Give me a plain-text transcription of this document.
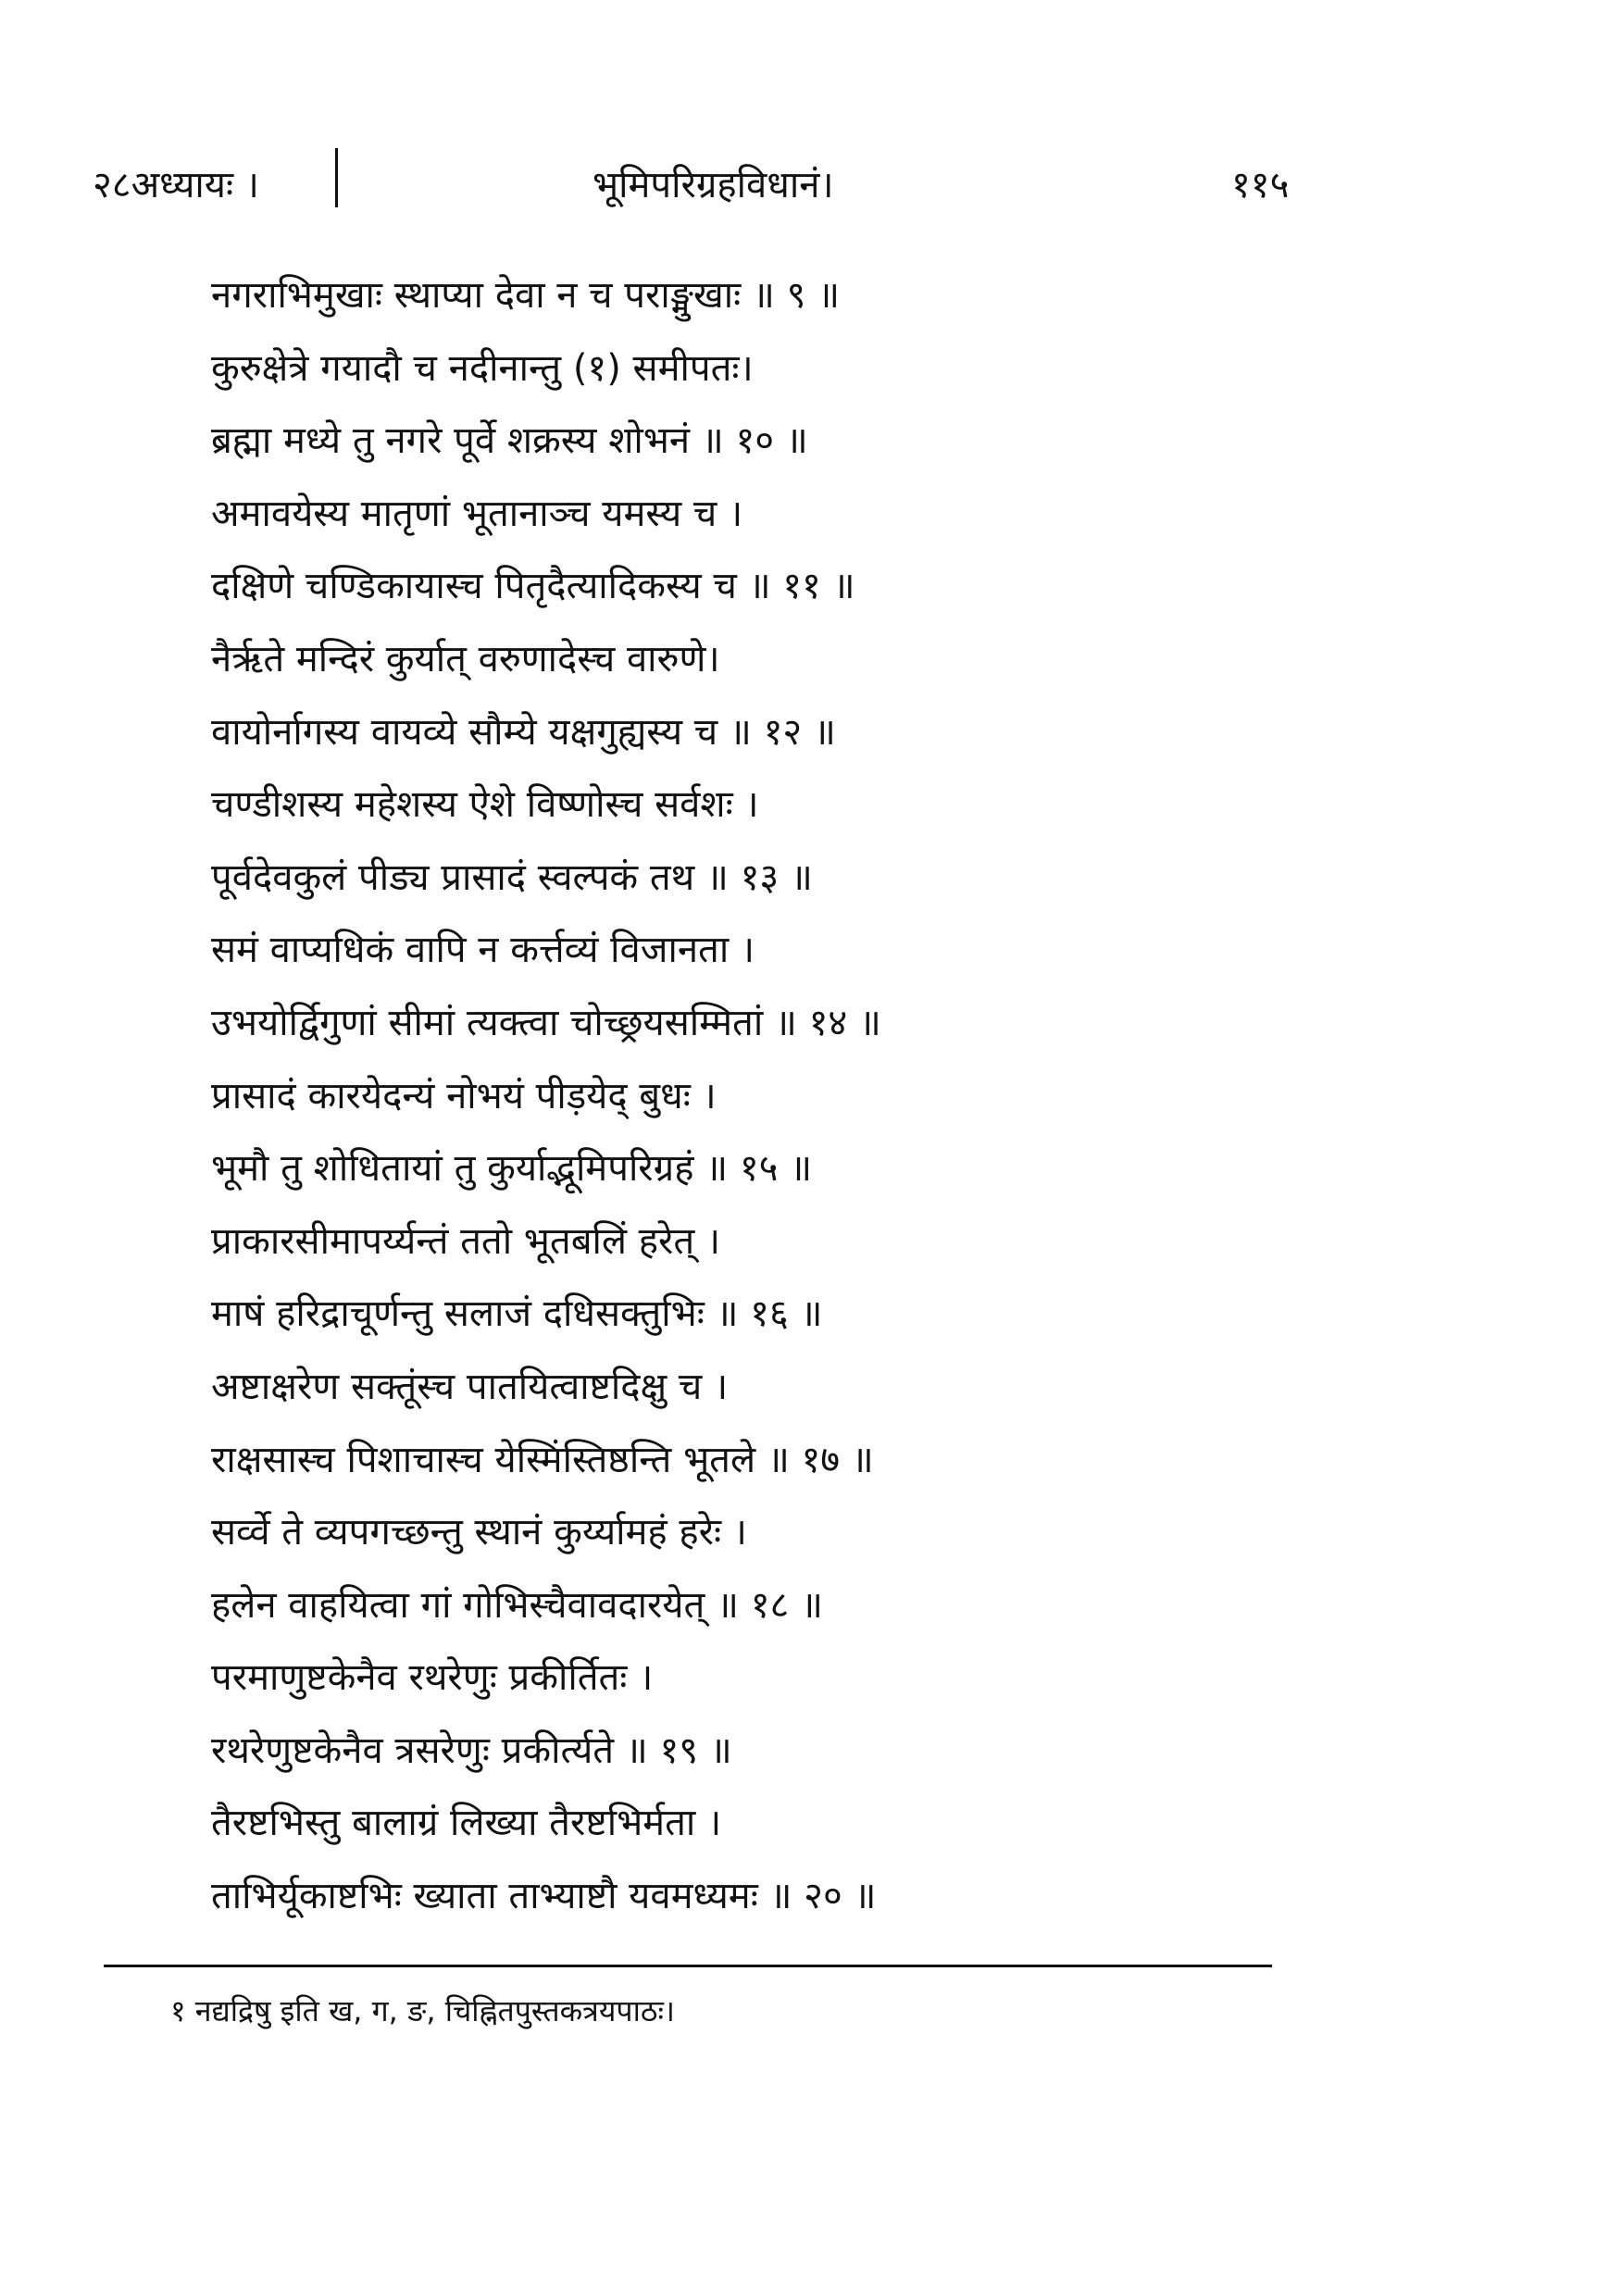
२८अध्यायः ।	भूमिपरिग्रहविधानं।	११५
नगराभिमुखाः स्थाप्या देवा न च पराङ्मुखाः ॥ ९ ॥
कुरुक्षेत्रे गयादौ च नदीनान्तु (१) समीपतः।
ब्रह्मा मध्ये तु नगरे पूर्वे शक्रस्य शोभनं ॥ १० ॥
अमावयेस्य मातृणां भूतानाञ्च यमस्य च ।
दक्षिणे चण्डिकायास्च पितृदैत्यादिकस्य च ॥ ११ ॥
नैर्ऋते मन्दिरं कुर्यात् वरुणादेस्च वारुणे।
वायोर्नागस्य वायव्ये सौम्ये यक्षगुह्यस्य च ॥ १२ ॥
चण्डीशस्य महेशस्य ऐशे विष्णोस्च सर्वशः ।
पूर्वदेवकुलं पीड्य प्रासादं स्वल्पकं तथ ॥ १३ ॥
समं वाप्यधिकं वापि न कर्त्तव्यं विजानता ।
उभयोर्द्विगुणां सीमां त्यक्त्वा चोच्छ्रयसम्मितां ॥ १४ ॥
प्रासादं कारयेदन्यं नोभयं पीड़येद् बुधः ।
भूमौ तु शोधितायां तु कुर्याद्भूमिपरिग्रहं ॥ १५ ॥
प्राकारसीमापर्य्यन्तं ततो भूतबलिं हरेत् ।
माषं हरिद्राचूर्णन्तु सलाजं दधिसक्तुभिः ॥ १६ ॥
अष्टाक्षरेण सक्तूंस्च पातयित्वाष्टदिक्षु च ।
राक्षसास्च पिशाचास्च येस्मिंस्तिष्ठन्ति भूतले ॥ १७ ॥
सर्व्वे ते व्यपगच्छन्तु स्थानं कुर्य्यामहं हरेः ।
हलेन वाहयित्वा गां गोभिस्चैवावदारयेत् ॥ १८ ॥
परमाणुष्टकेनैव रथरेणुः प्रकीर्तितः ।
रथरेणुष्टकेनैव त्रसरेणुः प्रकीर्त्यते ॥ १९ ॥
तैरष्टभिस्तु बालाग्रं लिख्या तैरष्टभिर्मता ।
ताभिर्यूकाष्टभिः ख्याता ताभ्याष्टौ यवमध्यमः ॥ २० ॥
१ नद्यद्रिषु इति ख, ग, ङ, चिह्नितपुस्तकत्रयपाठः।
